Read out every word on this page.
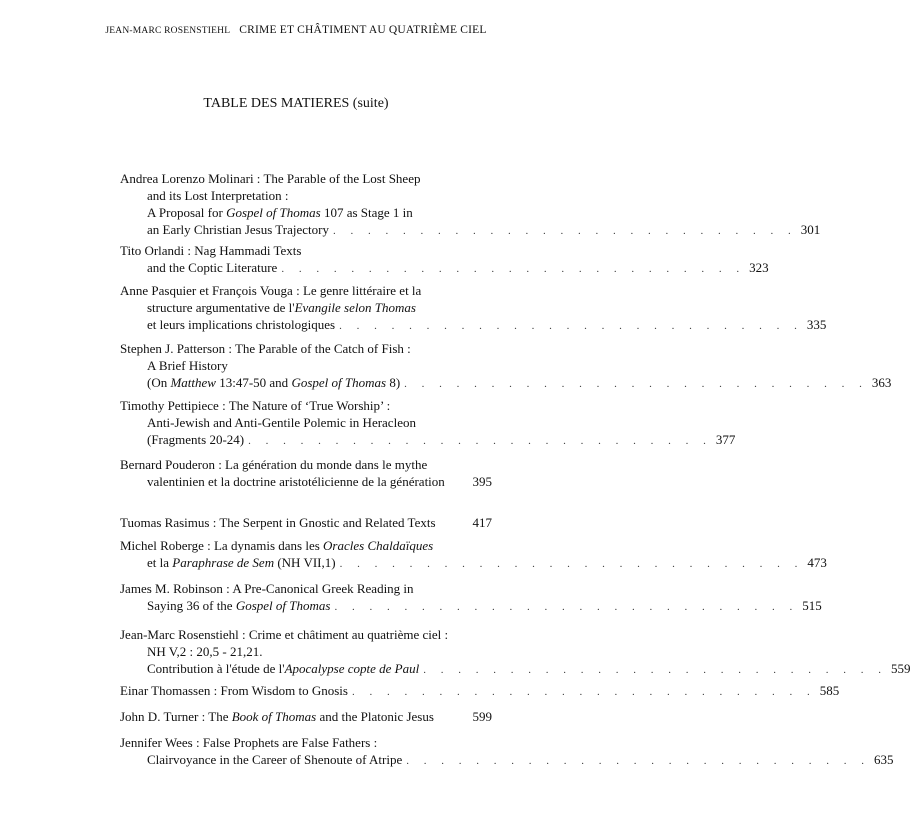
JEAN-MARC ROSENSTIEHL CRIME ET CHÂTIMENT AU QUATRIÈME CIEL
TABLE DES MATIERES (suite)
Andrea Lorenzo Molinari : The Parable of the Lost Sheep
and its Lost Interpretation :
A Proposal for Gospel of Thomas 107 as Stage 1 in
an Early Christian Jesus Trajectory . . . . . . . . . . . . . . . . . . . . . . . . . . . 301
Tito Orlandi : Nag Hammadi Texts
and the Coptic Literature . . . . . . . . . . . . . . . . . . . . . . . . . . . 323
Anne Pasquier et François Vouga : Le genre littéraire et la
structure argumentative de l'Evangile selon Thomas
et leurs implications christologiques . . . . . . . . . . . . . . . . . . . . . . . . . . . 335
Stephen J. Patterson : The Parable of the Catch of Fish :
A Brief History
(On Matthew 13:47-50 and Gospel of Thomas 8) . . . . . . . . . . . . . . . . . . . . . . . . . . . 363
Timothy Pettipiece : The Nature of ‘True Worship’ :
Anti-Jewish and Anti-Gentile Polemic in Heracleon
(Fragments 20-24) . . . . . . . . . . . . . . . . . . . . . . . . . . . 377
Bernard Pouderon : La génération du monde dans le mythe
valentinien et la doctrine aristotélicienne de la génération 395
Tuomas Rasimus : The Serpent in Gnostic and Related Texts	417
Michel Roberge : La dynamis dans les Oracles Chaldaïques
et la Paraphrase de Sem (NH VII,1) . . . . . . . . . . . . . . . . . . . . . . . . . . . 473
James M. Robinson : A Pre-Canonical Greek Reading in
Saying 36 of the Gospel of Thomas . . . . . . . . . . . . . . . . . . . . . . . . . . . 515
Jean-Marc Rosenstiehl : Crime et châtiment au quatrième ciel :
NH V,2 : 20,5 - 21,21.
Contribution à l'étude de l'Apocalypse copte de Paul . . . . . . . . . . . . . . . . . . . . . . . . . . . 559
Einar Thomassen : From Wisdom to Gnosis . . . . . . . . . . . . . . . . . . . . . . . . . . . 585
John D. Turner : The Book of Thomas and the Platonic Jesus	599
Jennifer Wees : False Prophets are False Fathers :
Clairvoyance in the Career of Shenoute of Atripe . . . . . . . . . . . . . . . . . . . . . . . . . . . 635
